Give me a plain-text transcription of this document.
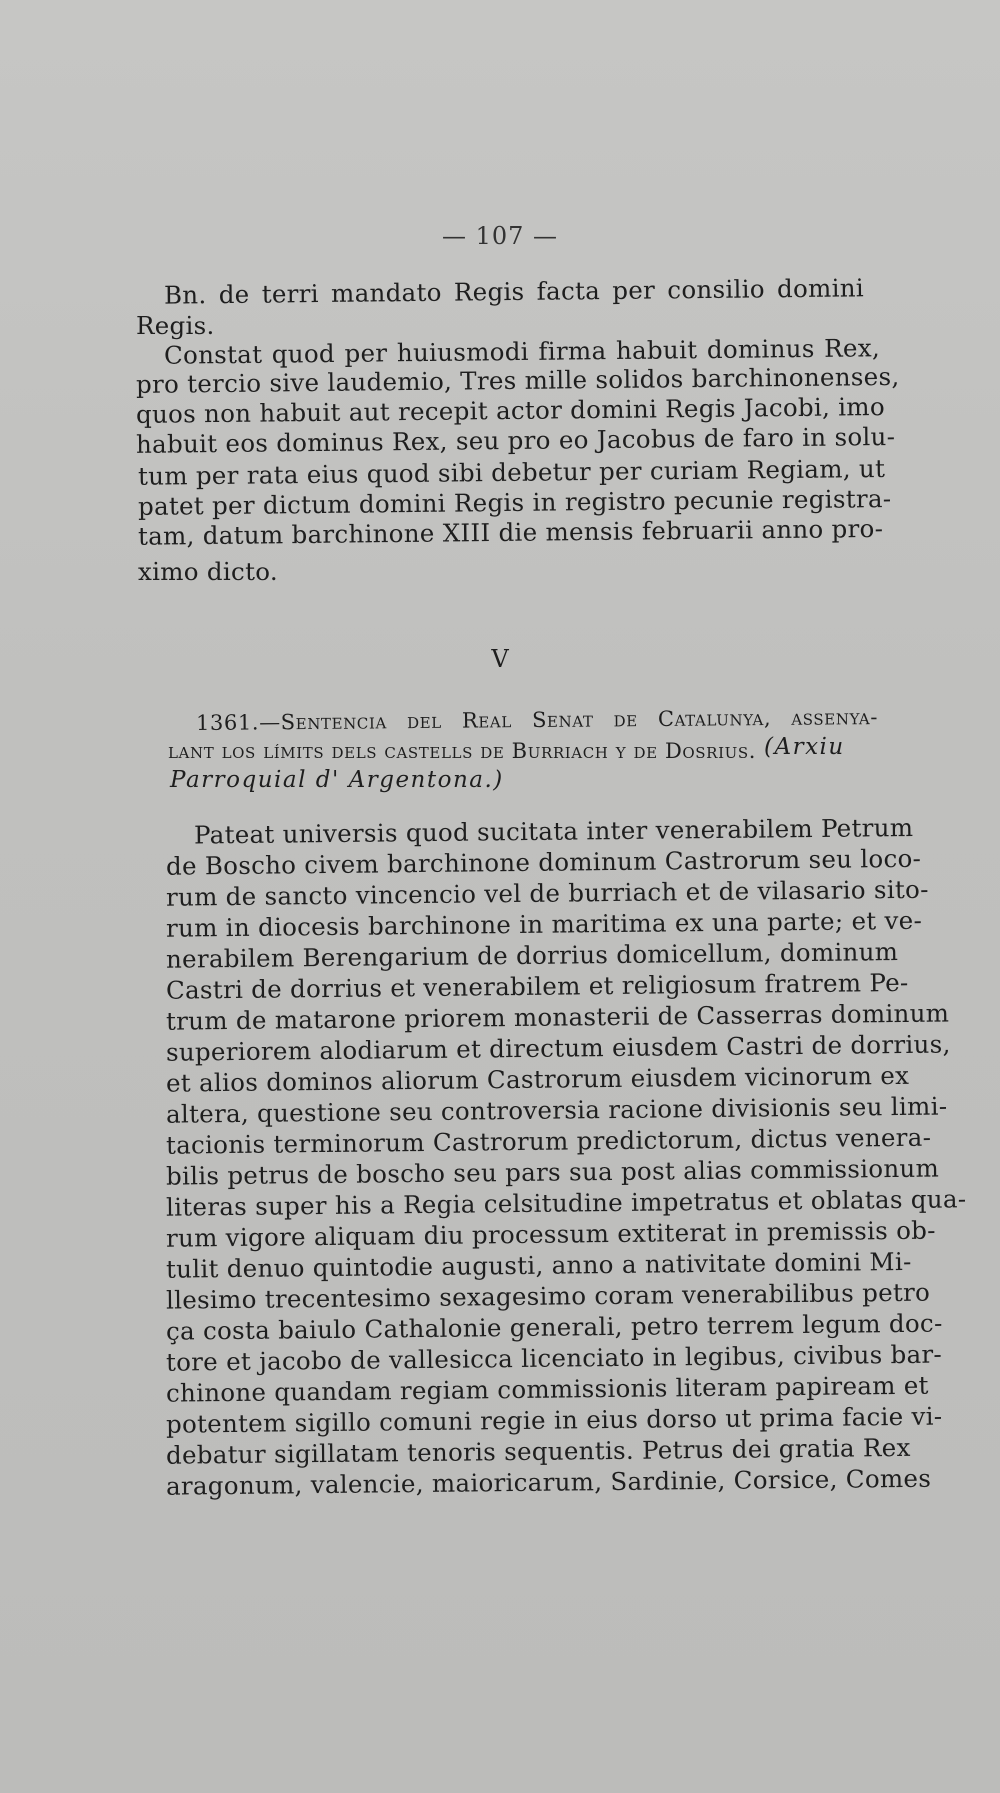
— 107 —
Bn. de terri mandato Regis facta per consilio domini
Regis.
Constat quod per huiusmodi firma habuit dominus Rex,
pro tercio sive laudemio, Tres mille solidos barchinonenses,
quos non habuit aut recepit actor domini Regis Jacobi, imo
habuit eos dominus Rex, seu pro eo Jacobus de faro in solu-
tum per rata eius quod sibi debetur per curiam Regiam, ut
patet per dictum domini Regis in registro pecunie registra-
tam, datum barchinone XIII die mensis februarii anno pro-
ximo dicto.
V
1361.—Sentencia del Real Senat de Catalunya, assenya-
lant los límits dels castells de Burriach y de Dosrius. (Arxiu
Parroquial d' Argentona.)
Pateat universis quod sucitata inter venerabilem Petrum
de Boscho civem barchinone dominum Castrorum seu loco-
rum de sancto vincencio vel de burriach et de vilasario sito-
rum in diocesis barchinone in maritima ex una parte; et ve-
nerabilem Berengarium de dorrius domicellum, dominum
Castri de dorrius et venerabilem et religiosum fratrem Pe-
trum de matarone priorem monasterii de Casserras dominum
superiorem alodiarum et directum eiusdem Castri de dorrius,
et alios dominos aliorum Castrorum eiusdem vicinorum ex
altera, questione seu controversia racione divisionis seu limi-
tacionis terminorum Castrorum predictorum, dictus venera-
bilis petrus de boscho seu pars sua post alias commissionum
literas super his a Regia celsitudine impetratus et oblatas qua-
rum vigore aliquam diu processum extiterat in premissis ob-
tulit denuo quintodie augusti, anno a nativitate domini Mi-
llesimo trecentesimo sexagesimo coram venerabilibus petro
ça costa baiulo Cathalonie generali, petro terrem legum doc-
tore et jacobo de vallesicca licenciato in legibus, civibus bar-
chinone quandam regiam commissionis literam papiream et
potentem sigillo comuni regie in eius dorso ut prima facie vi-
debatur sigillatam tenoris sequentis. Petrus dei gratia Rex
aragonum, valencie, maioricarum, Sardinie, Corsice, Comes
